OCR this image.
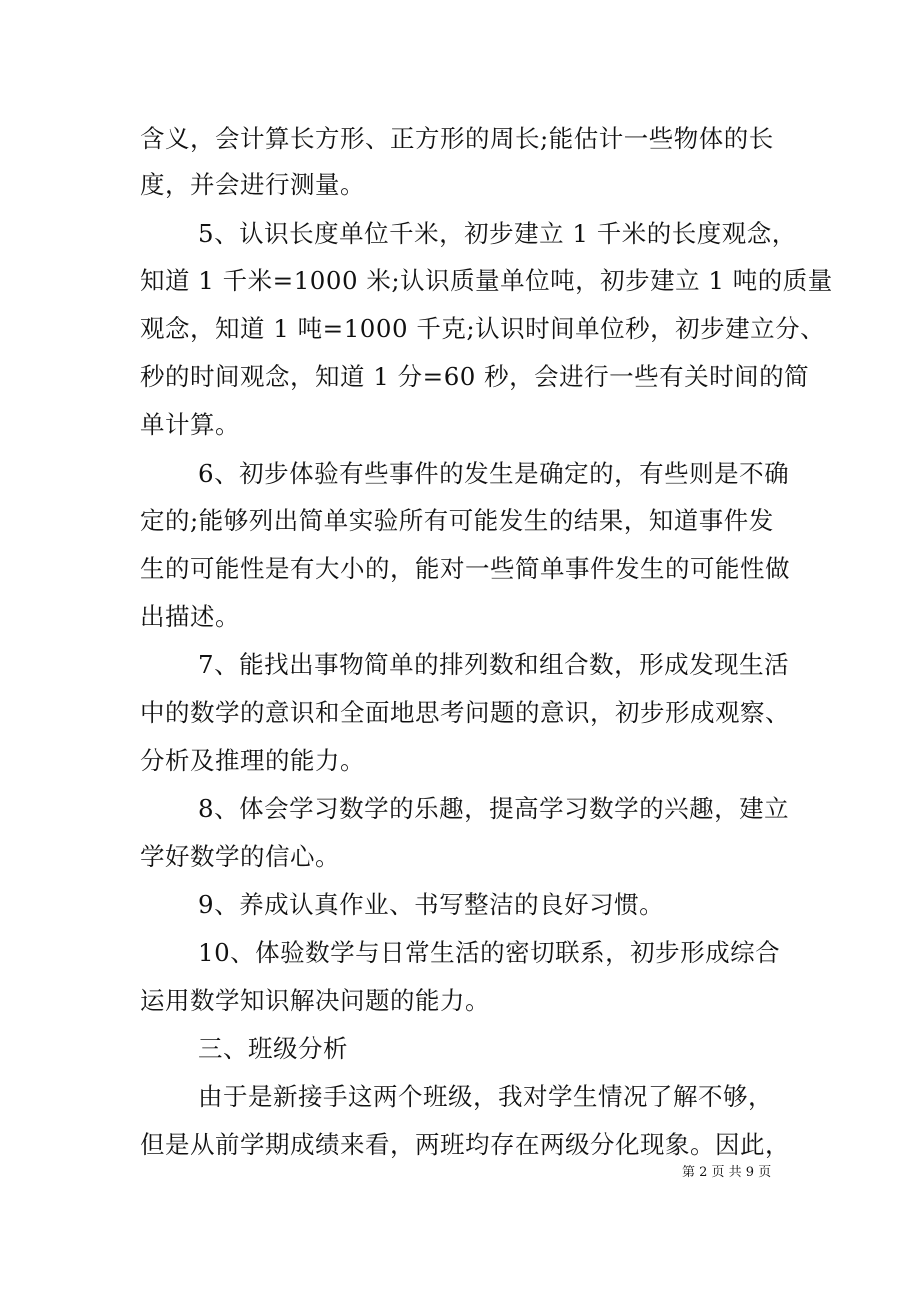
含义，会计算长方形、正方形的周长;能估计一些物体的长
度，并会进行测量。
5、认识长度单位千米，初步建立 1 千米的长度观念，
知道 1 千米=1000 米;认识质量单位吨，初步建立 1 吨的质量
观念，知道 1 吨=1000 千克;认识时间单位秒，初步建立分、
秒的时间观念，知道 1 分=60 秒，会进行一些有关时间的简
单计算。
6、初步体验有些事件的发生是确定的，有些则是不确
定的;能够列出简单实验所有可能发生的结果，知道事件发
生的可能性是有大小的，能对一些简单事件发生的可能性做
出描述。
7、能找出事物简单的排列数和组合数，形成发现生活
中的数学的意识和全面地思考问题的意识，初步形成观察、
分析及推理的能力。
8、体会学习数学的乐趣，提高学习数学的兴趣，建立
学好数学的信心。
9、养成认真作业、书写整洁的良好习惯。
10、体验数学与日常生活的密切联系，初步形成综合
运用数学知识解决问题的能力。
三、班级分析
由于是新接手这两个班级，我对学生情况了解不够，
但是从前学期成绩来看，两班均存在两级分化现象。因此，
第 2 页 共 9 页
